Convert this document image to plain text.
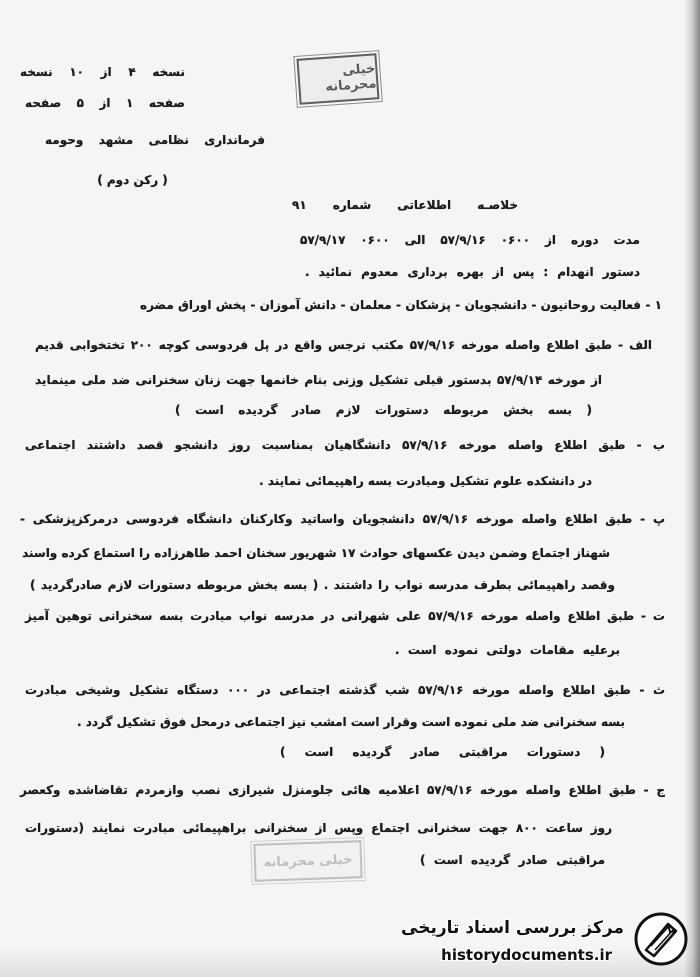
نسخه ۴ از ۱۰ نسخه
صفحه ۱ از ۵ صفحه
فرمانداری نظامی مشهد وحومه
( رکن دوم )
خیلی محرمانه
خلاصـه اطلاعاتی شماره ۹۱
مدت دوره از ۰۶۰۰ ۵۷/۹/۱۶ الی ۰۶۰۰ ۵۷/۹/۱۷
دستور انهدام : پس از بهره برداری معدوم نمائید .
۱ - فعالیت روحانیون - دانشجویان - پزشکان - معلمان - دانش آموزان - پخش اوراق مضره
الف - طبق اطلاع واصله مورخه ۵۷/۹/۱۶ مکتب نرجس واقع در پل فردوسی کوچه ۲۰۰ تختخوابی قدیم
از مورخه ۵۷/۹/۱۴ بدستور قبلی تشکیل وزنی بنام خانمها جهت زنان سخنرانی ضد ملی مینماید
( بسه بخش مربوطه دستورات لازم صادر گردیده است )
ب - طبق اطلاع واصله مورخه ۵۷/۹/۱۶ دانشگاهیان بمناسبت روز دانشجو قصد داشتند اجتماعی
در دانشکده علوم تشکیل ومبادرت بسه راهپیمائی نمایند .
پ - طبق اطلاع واصله مورخه ۵۷/۹/۱۶ دانشجویان واساتید وکارکنان دانشگاه فردوسی درمرکزپزشکی -
شهناز اجتماع وضمن دیدن عکسهای حوادث ۱۷ شهریور سخنان احمد طاهرزاده را استماع کرده واسند
وقصد راهپیمائی بطرف مدرسه نواب را داشتند . ( بسه بخش مربوطه دستورات لازم صادرگردید )
ت - طبق اطلاع واصله مورخه ۵۷/۹/۱۶ علی شهرانی در مدرسه نواب مبادرت بسه سخنرانی توهین آمیز
برعلیه مقامات دولتی نموده است .
ث - طبق اطلاع واصله مورخه ۵۷/۹/۱۶ شب گذشته اجتماعی در ۰۰۰ دستگاه تشکیل وشیخی مبادرت
بسه سخنرانی ضد ملی نموده است وقرار است امشب نیز اجتماعی درمحل فوق تشکیل گردد .
( دستورات مراقبتی صادر گردیده است )
ج - طبق اطلاع واصله مورخه ۵۷/۹/۱۶ اعلامیه هائی جلومنزل شیرازی نصب وازمردم تقاضاشده وکعصر
روز ساعت ۸۰۰ جهت سخنرانی اجتماع وپس از سخنرانی براهپیمائی مبادرت نمایند (دستورات
مراقبتی صادر گردیده است )
خیلی محرمانه
مرکز بررسی اسناد تاریخی
historydocuments.ir
